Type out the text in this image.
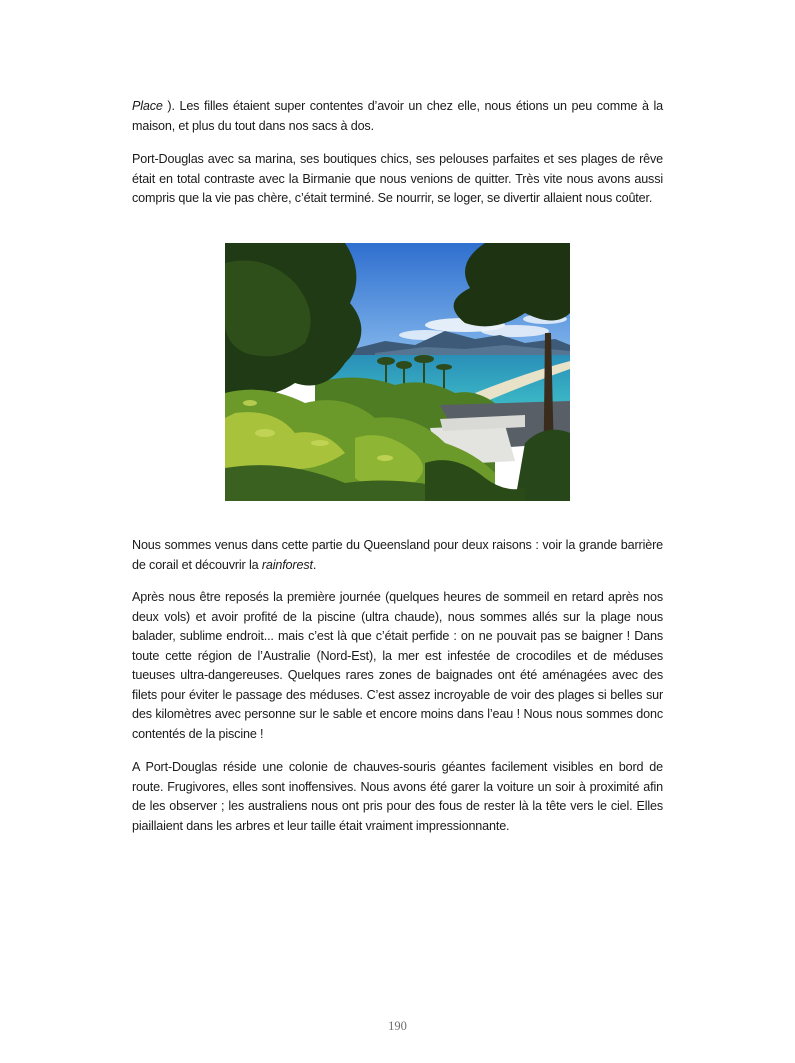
Place ). Les filles étaient super contentes d’avoir un chez elle, nous étions un peu comme à la maison, et plus du tout dans nos sacs à dos.

Port-Douglas avec sa marina, ses boutiques chics, ses pelouses parfaites et ses plages de rêve était en total contraste avec la Birmanie que nous venions de quitter. Très vite nous avons aussi compris que la vie pas chère, c’était terminé. Se nourrir, se loger, se divertir allaient nous coûter.

Nous sommes venus dans cette partie du Queensland pour deux raisons : voir la grande barrière de corail et découvrir la rainforest.

Après nous être reposés la première journée (quelques heures de sommeil en retard après nos deux vols) et avoir profité de la piscine (ultra chaude), nous sommes allés sur la plage nous balader, sublime endroit... mais c’est là que c’était perfide : on ne pouvait pas se baigner ! Dans toute cette région de l’Australie (Nord-Est), la mer est infestée de crocodiles et de méduses tueuses ultra-dangereuses. Quelques rares zones de baignades ont été aménagées avec des filets pour éviter le passage des méduses. C’est assez incroyable de voir des plages si belles sur des kilomètres avec personne sur le sable et encore moins dans l’eau ! Nous nous sommes donc contentés de la piscine !

A Port-Douglas réside une colonie de chauves-souris géantes facilement visibles en bord de route. Frugivores, elles sont inoffensives. Nous avons été garer la voiture un soir à proximité afin de les observer ; les australiens nous ont pris pour des fous de rester là la tête vers le ciel. Elles piaillaient dans les arbres et leur taille était vraiment impressionnante.

190
